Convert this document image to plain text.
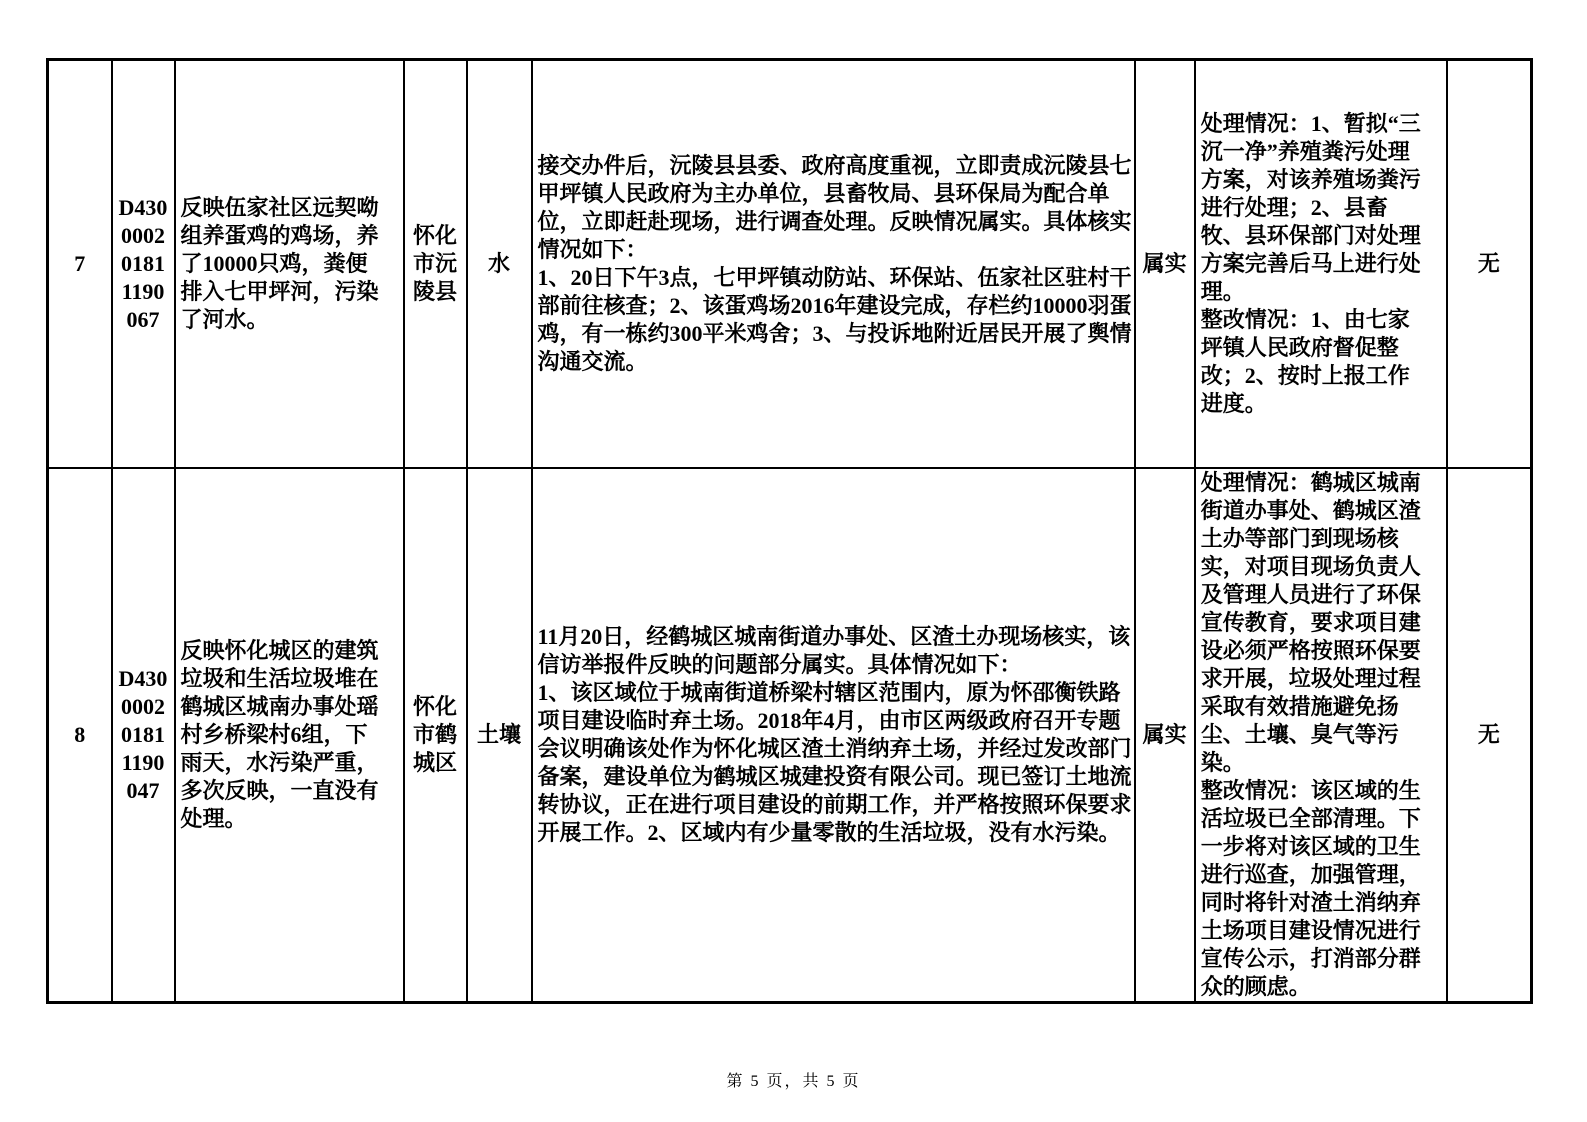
7	D430000201811190067	反映伍家社区远契呦组养蛋鸡的鸡场，养了10000只鸡，粪便排入七甲坪河，污染了河水。	怀化市沅陵县	水	接交办件后，沅陵县县委、政府高度重视，立即责成沅陵县七甲坪镇人民政府为主办单位，县畜牧局、县环保局为配合单位，立即赶赴现场，进行调查处理。反映情况属实。具体核实情况如下：
1、20日下午3点，七甲坪镇动防站、环保站、伍家社区驻村干部前往核查；2、该蛋鸡场2016年建设完成，存栏约10000羽蛋鸡，有一栋约300平米鸡舍；3、与投诉地附近居民开展了舆情沟通交流。	属实	处理情况：1、暂拟“三沉一净”养殖粪污处理方案，对该养殖场粪污进行处理；2、县畜牧、县环保部门对处理方案完善后马上进行处理。
整改情况：1、由七家坪镇人民政府督促整改；2、按时上报工作进度。	无
8	D430000201811190047	反映怀化城区的建筑垃圾和生活垃圾堆在鹤城区城南办事处瑶村乡桥梁村6组，下雨天，水污染严重，多次反映，一直没有处理。	怀化市鹤城区	土壤	11月20日，经鹤城区城南街道办事处、区渣土办现场核实，该信访举报件反映的问题部分属实。具体情况如下：
1、该区域位于城南街道桥梁村辖区范围内，原为怀邵衡铁路项目建设临时弃土场。2018年4月，由市区两级政府召开专题会议明确该处作为怀化城区渣土消纳弃土场，并经过发改部门备案，建设单位为鹤城区城建投资有限公司。现已签订土地流转协议，正在进行项目建设的前期工作，并严格按照环保要求开展工作。2、区域内有少量零散的生活垃圾，没有水污染。	属实	处理情况：鹤城区城南街道办事处、鹤城区渣土办等部门到现场核实，对项目现场负责人及管理人员进行了环保宣传教育，要求项目建设必须严格按照环保要求开展，垃圾处理过程采取有效措施避免扬尘、土壤、臭气等污染。
整改情况：该区域的生活垃圾已全部清理。下一步将对该区域的卫生进行巡查，加强管理，同时将针对渣土消纳弃土场项目建设情况进行宣传公示，打消部分群众的顾虑。	无
第 5 页，共 5 页
